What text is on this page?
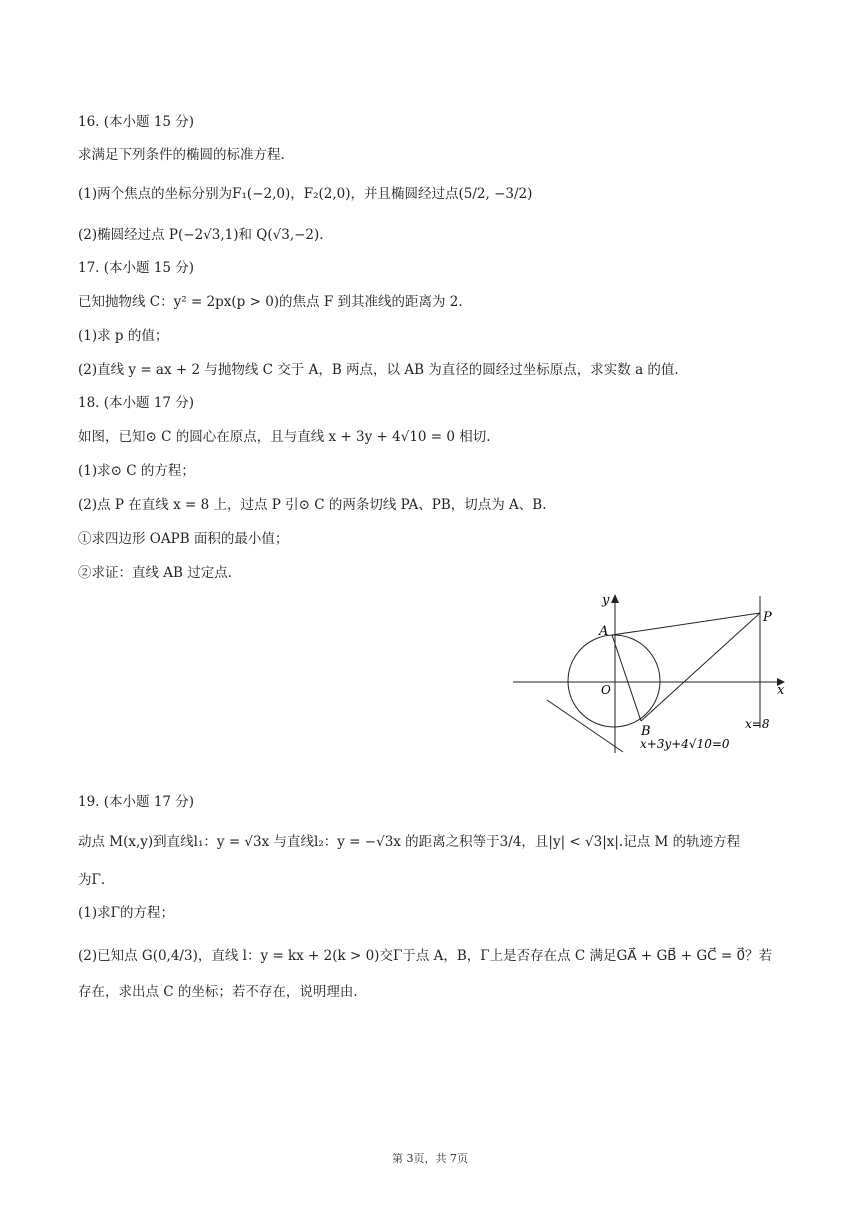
16. (本小题 15 分)
求满足下列条件的椭圆的标准方程.
(1)两个焦点的坐标分别为F₁(−2,0)，F₂(2,0)，并且椭圆经过点(5/2, −3/2)
(2)椭圆经过点 P(−2√3,1)和 Q(√3,−2).
17. (本小题 15 分)
已知抛物线 C：y² = 2px(p > 0)的焦点 F 到其准线的距离为 2.
(1)求 p 的值；
(2)直线 y = ax + 2 与抛物线 C 交于 A，B 两点，以 AB 为直径的圆经过坐标原点，求实数 a 的值.
18. (本小题 17 分)
如图，已知⊙ C 的圆心在原点，且与直线 x + 3y + 4√10 = 0 相切.
(1)求⊙ C 的方程；
(2)点 P 在直线 x = 8 上，过点 P 引⊙ C 的两条切线 PA、PB，切点为 A、B.
①求四边形 OAPB 面积的最小值；
②求证：直线 AB 过定点.
y
x
A
B
O
P
x=8
x+3y+4√10=0
19. (本小题 17 分)
动点 M(x,y)到直线l₁：y = √3x 与直线l₂：y = −√3x 的距离之积等于3/4，且|y| < √3|x|.记点 M 的轨迹方程
为Γ.
(1)求Γ的方程；
(2)已知点 G(0,4/3)，直线 l：y = kx + 2(k > 0)交Γ于点 A，B，Γ上是否存在点 C 满足GA⃗ + GB⃗ + GC⃗ = 0⃗？若
存在，求出点 C 的坐标；若不存在，说明理由.
第 3页，共 7页
